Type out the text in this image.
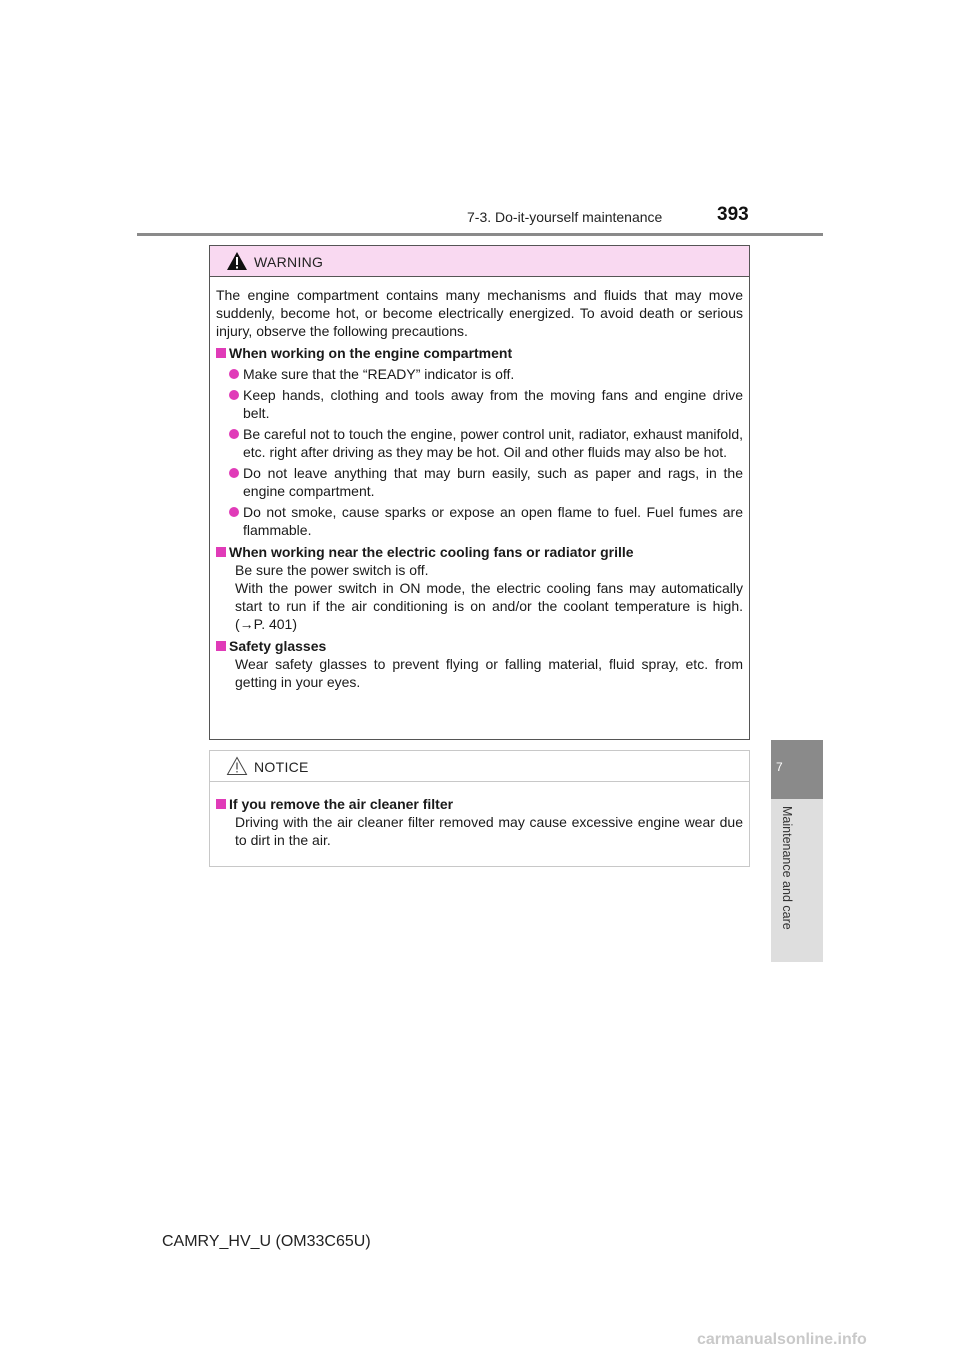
7-3. Do-it-yourself maintenance	393
7
Maintenance and care
WARNING

The engine compartment contains many mechanisms and fluids that may move suddenly, become hot, or become electrically energized. To avoid death or serious injury, observe the following precautions.

When working on the engine compartment
Make sure that the “READY” indicator is off.
Keep hands, clothing and tools away from the moving fans and engine drive belt.
Be careful not to touch the engine, power control unit, radiator, exhaust manifold, etc. right after driving as they may be hot. Oil and other fluids may also be hot.
Do not leave anything that may burn easily, such as paper and rags, in the engine compartment.
Do not smoke, cause sparks or expose an open flame to fuel. Fuel fumes are flammable.
When working near the electric cooling fans or radiator grille
Be sure the power switch is off.
With the power switch in ON mode, the electric cooling fans may automatically start to run if the air conditioning is on and/or the coolant temperature is high. (→P. 401)
Safety glasses
Wear safety glasses to prevent flying or falling material, fluid spray, etc. from getting in your eyes.
NOTICE
If you remove the air cleaner filter
Driving with the air cleaner filter removed may cause excessive engine wear due to dirt in the air.
CAMRY_HV_U (OM33C65U)
carmanualsonline.info
